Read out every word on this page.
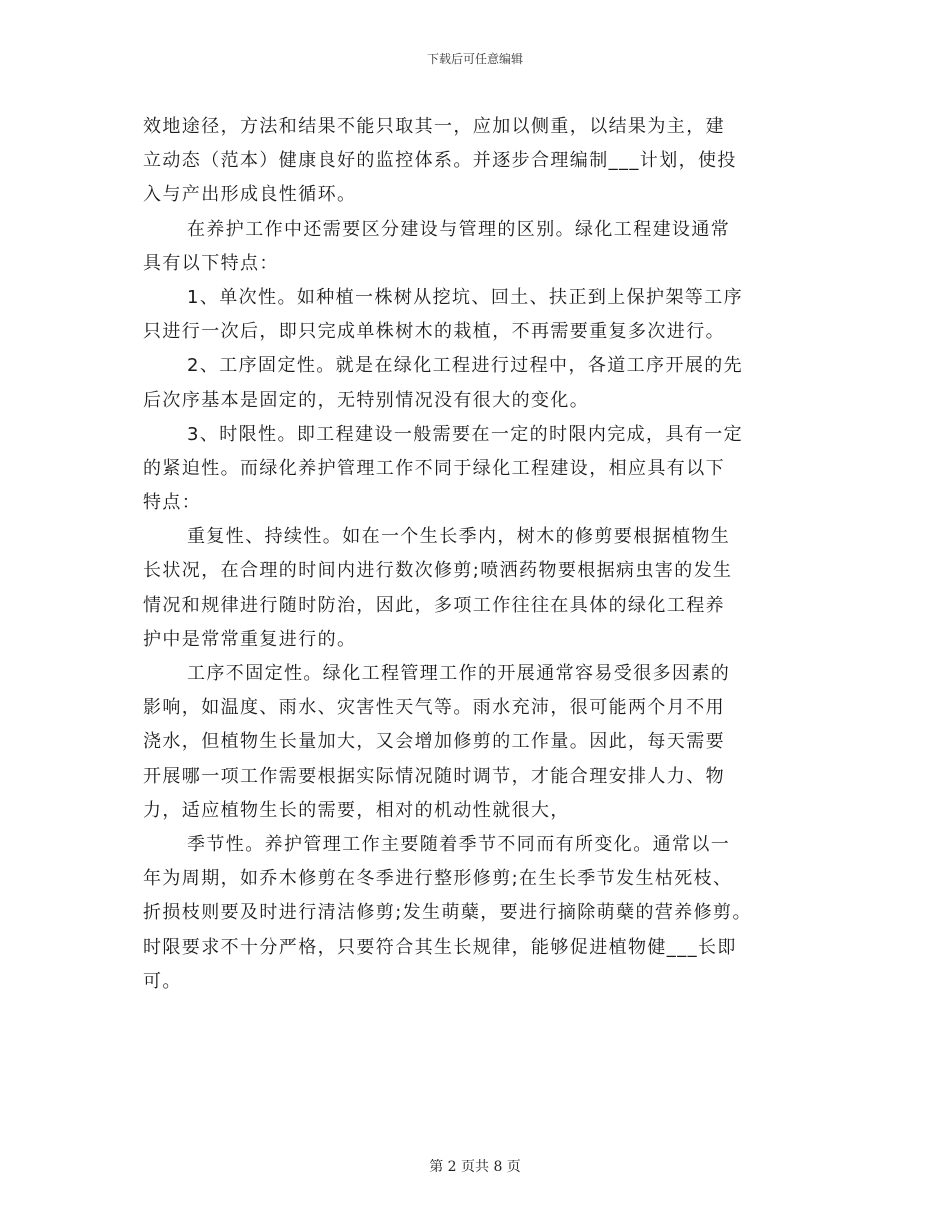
下载后可任意编辑
效地途径，方法和结果不能只取其一，应加以侧重，以结果为主，建
立动态（范本）健康良好的监控体系。并逐步合理编制___计划，使投
入与产出形成良性循环。
在养护工作中还需要区分建设与管理的区别。绿化工程建设通常
具有以下特点：
1、单次性。如种植一株树从挖坑、回土、扶正到上保护架等工序
只进行一次后，即只完成单株树木的栽植，不再需要重复多次进行。
2、工序固定性。就是在绿化工程进行过程中，各道工序开展的先
后次序基本是固定的，无特别情况没有很大的变化。
3、时限性。即工程建设一般需要在一定的时限内完成，具有一定
的紧迫性。而绿化养护管理工作不同于绿化工程建设，相应具有以下
特点：
重复性、持续性。如在一个生长季内，树木的修剪要根据植物生
长状况，在合理的时间内进行数次修剪;喷洒药物要根据病虫害的发生
情况和规律进行随时防治，因此，多项工作往往在具体的绿化工程养
护中是常常重复进行的。
工序不固定性。绿化工程管理工作的开展通常容易受很多因素的
影响，如温度、雨水、灾害性天气等。雨水充沛，很可能两个月不用
浇水，但植物生长量加大，又会增加修剪的工作量。因此，每天需要
开展哪一项工作需要根据实际情况随时调节，才能合理安排人力、物
力，适应植物生长的需要，相对的机动性就很大，
季节性。养护管理工作主要随着季节不同而有所变化。通常以一
年为周期，如乔木修剪在冬季进行整形修剪;在生长季节发生枯死枝、
折损枝则要及时进行清洁修剪;发生萌蘖，要进行摘除萌蘖的营养修剪。
时限要求不十分严格，只要符合其生长规律，能够促进植物健___长即
可。
第 2 页共 8 页
